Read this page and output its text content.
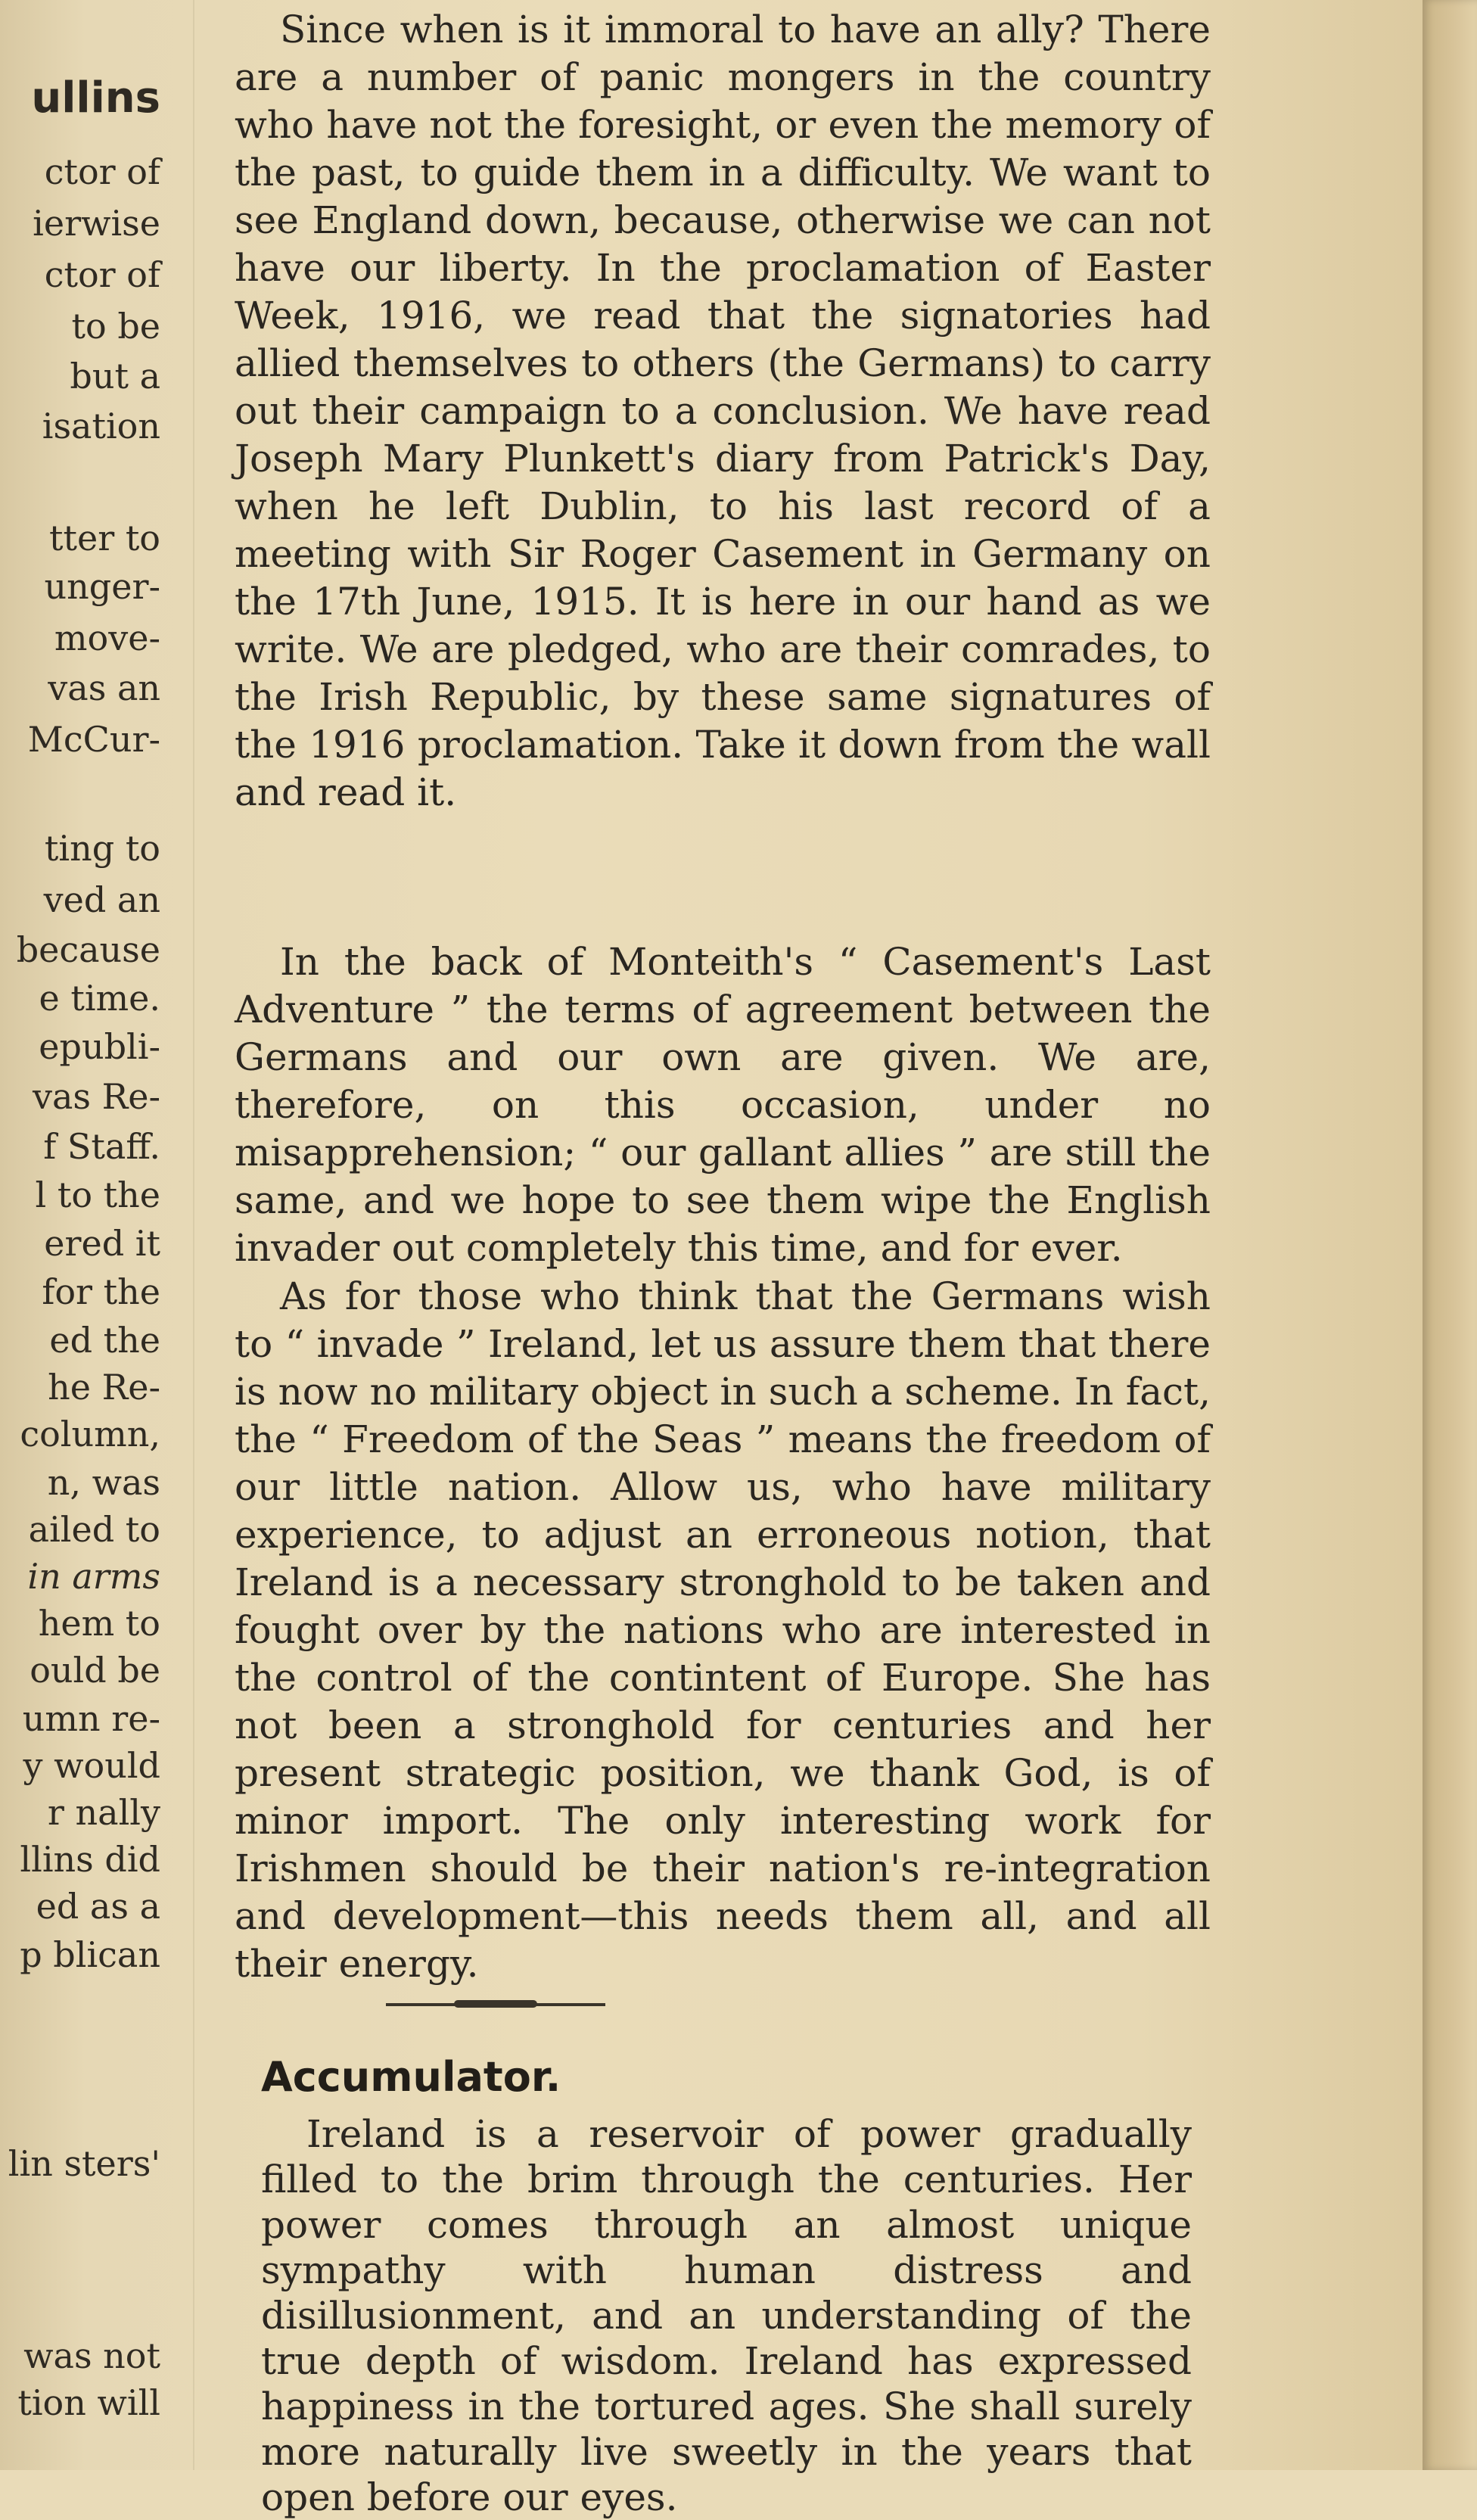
ullins
ctor of
ierwise
ctor of
to be
but a
isation
tter to
unger-
move-
vas an
McCur-
ting to
ved an
because
e time.
epubli-
vas Re-
f Staff.
l to the
ered it
for the
ed the
he Re-
column,
n, was
ailed to
in arms
hem to
ould be
umn re-
y would
r nally
llins did
ed as a
p blican
lin sters'
was not
tion will

Since when is it immoral to have an ally? There are a number of panic mongers in the country who have not the foresight, or even the memory of the past, to guide them in a difficulty. We want to see England down, because, otherwise we can not have our liberty. In the proclamation of Easter Week, 1916, we read that the signatories had allied themselves to others (the Germans) to carry out their campaign to a conclusion. We have read Joseph Mary Plunkett's diary from Patrick's Day, when he left Dublin, to his last record of a meeting with Sir Roger Casement in Germany on the 17th June, 1915. It is here in our hand as we write. We are pledged, who are their comrades, to the Irish Republic, by these same signatures of the 1916 proclamation. Take it down from the wall and read it.

In the back of Monteith's “ Casement's Last Adventure ” the terms of agreement between the Germans and our own are given. We are, therefore, on this occasion, under no misapprehension; “ our gallant allies ” are still the same, and we hope to see them wipe the English invader out completely this time, and for ever.

As for those who think that the Germans wish to “ invade ” Ireland, let us assure them that there is now no military object in such a scheme. In fact, the “ Freedom of the Seas ” means the freedom of our little nation. Allow us, who have military experience, to adjust an erroneous notion, that Ireland is a necessary stronghold to be taken and fought over by the nations who are interested in the control of the contintent of Europe. She has not been a stronghold for centuries and her present strategic position, we thank God, is of minor import. The only interesting work for Irishmen should be their nation's re-integration and development—this needs them all, and all their energy.

Accumulator.

Ireland is a reservoir of power gradually filled to the brim through the centuries. Her power comes through an almost unique sympathy with human distress and disillusionment, and an understanding of the true depth of wisdom. Ireland has expressed happiness in the tortured ages. She shall surely more naturally live sweetly in the years that open before our eyes.
